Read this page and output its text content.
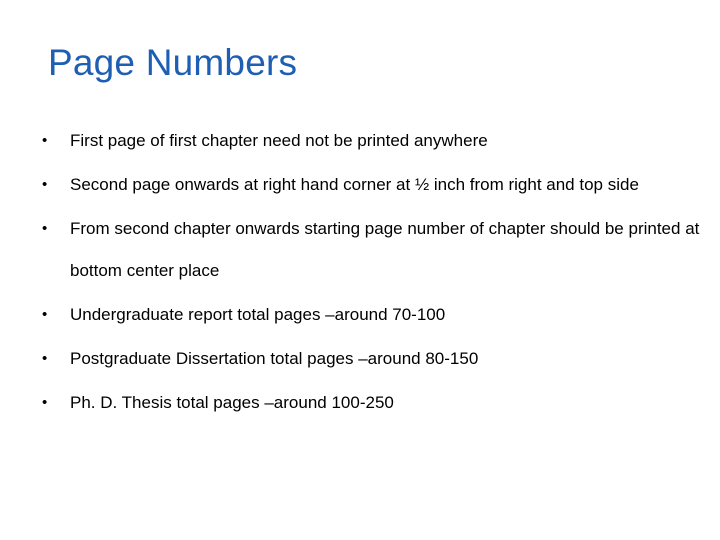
Page Numbers
• First page of first chapter need not be printed anywhere
• Second page onwards at right hand corner at ½ inch from right and top side
• From second chapter onwards starting page number of chapter should be printed at bottom center place
• Undergraduate report total pages –around 70-100
• Postgraduate Dissertation total pages –around 80-150
• Ph. D. Thesis total pages –around 100-250
